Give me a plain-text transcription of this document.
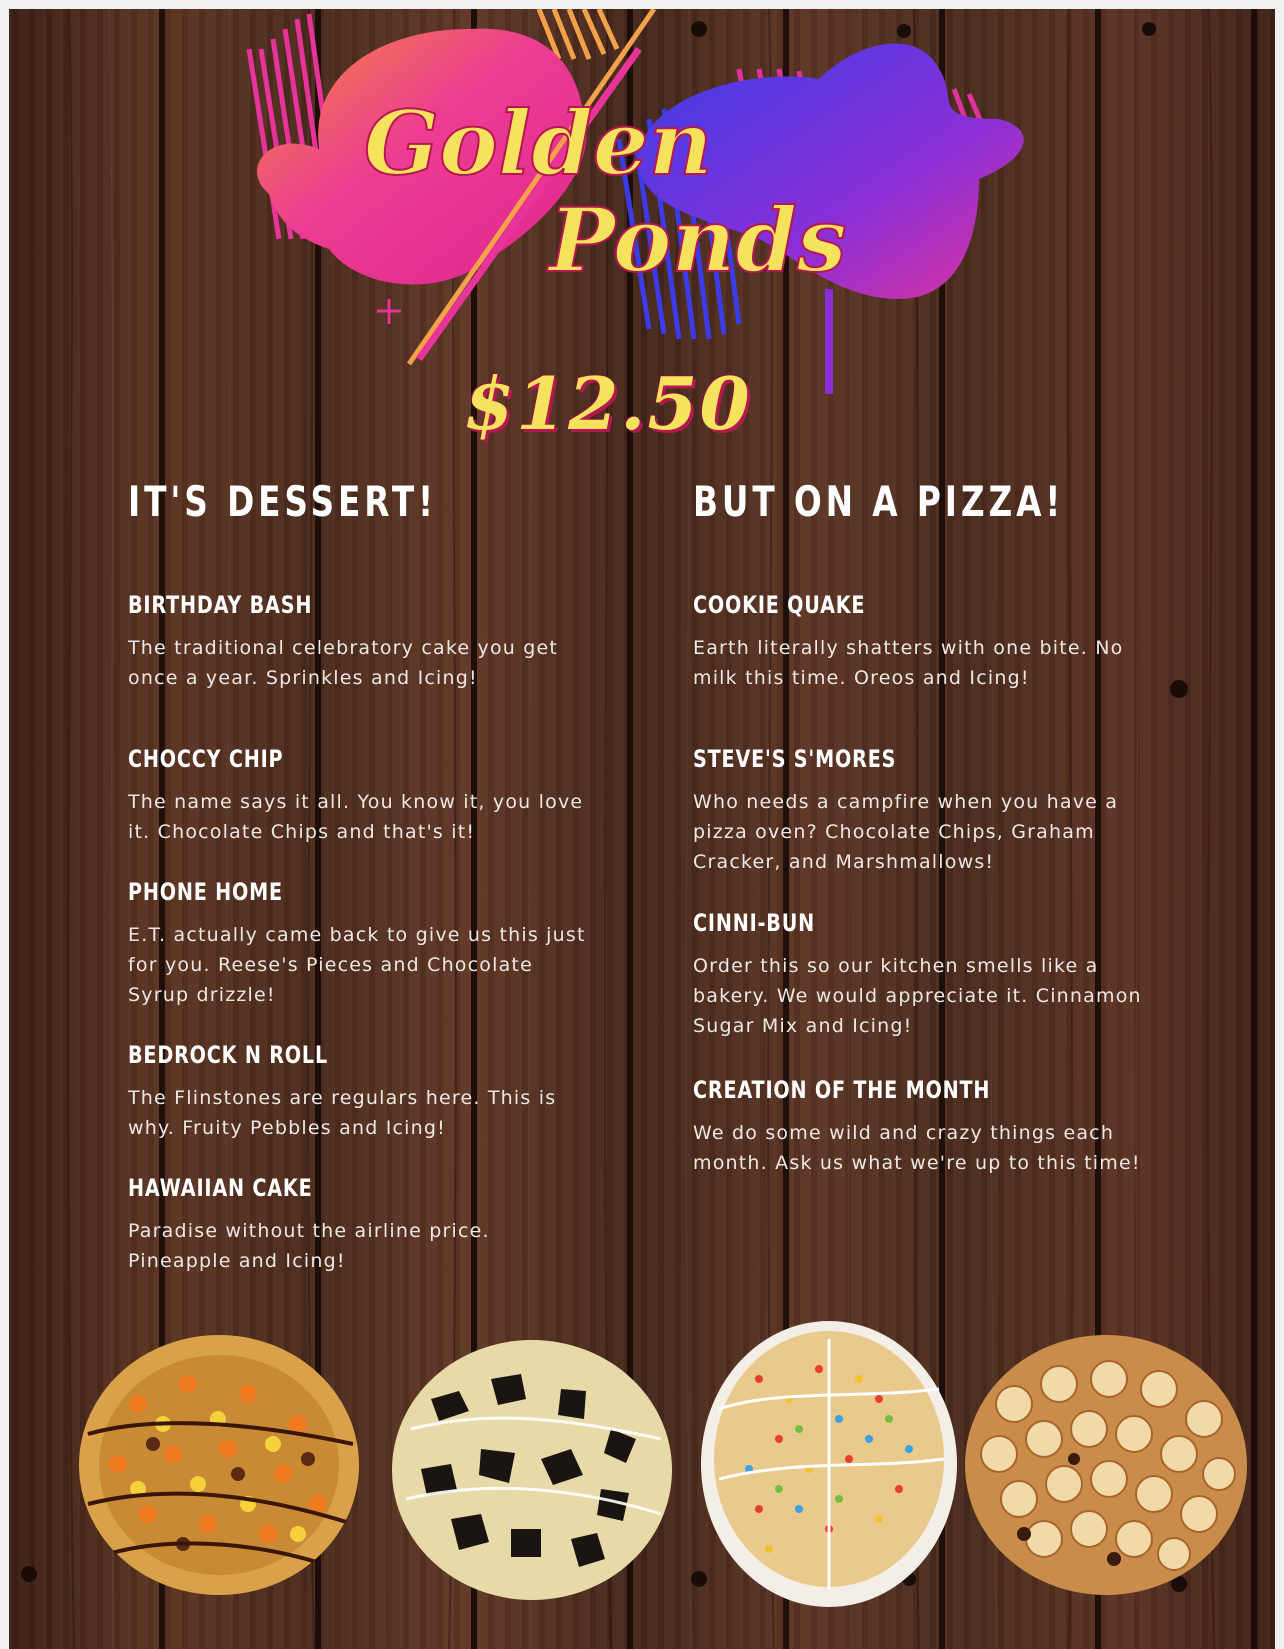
Golden
Ponds
$12.50
IT'S DESSERT!	BUT ON A PIZZA!
BIRTHDAY BASH
The traditional celebratory cake you get once a year. Sprinkles and Icing!
CHOCCY CHIP
The name says it all. You know it, you love it. Chocolate Chips and that's it!
PHONE HOME
E.T. actually came back to give us this just for you. Reese's Pieces and Chocolate Syrup drizzle!
BEDROCK N ROLL
The Flinstones are regulars here. This is why. Fruity Pebbles and Icing!
HAWAIIAN CAKE
Paradise without the airline price. Pineapple and Icing!
COOKIE QUAKE
Earth literally shatters with one bite. No milk this time. Oreos and Icing!
STEVE'S S'MORES
Who needs a campfire when you have a pizza oven? Chocolate Chips, Graham Cracker, and Marshmallows!
CINNI-BUN
Order this so our kitchen smells like a bakery. We would appreciate it. Cinnamon Sugar Mix and Icing!
CREATION OF THE MONTH
We do some wild and crazy things each month. Ask us what we're up to this time!
